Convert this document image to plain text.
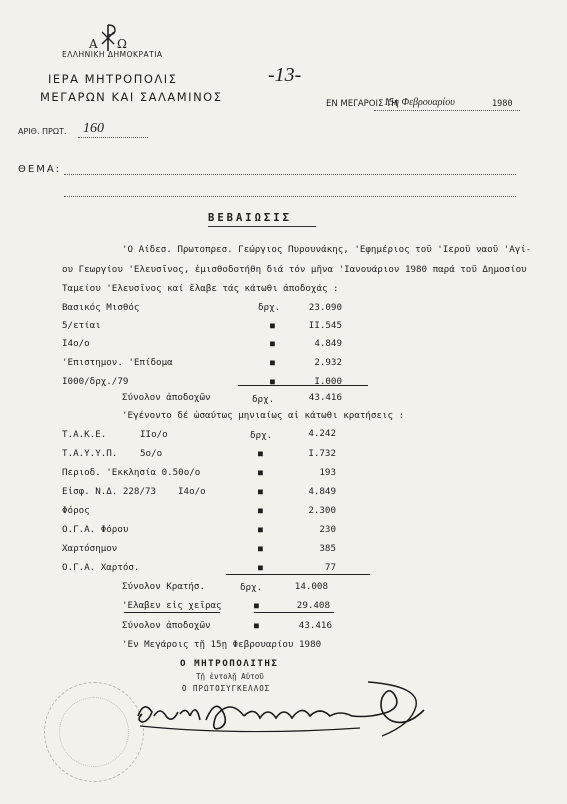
Α Ω
ΕΛΛΗΝΙΚΗ ΔΗΜΟΚΡΑΤΙΑ
ΙΕΡΑ ΜΗΤΡΟΠΟΛΙΣ
ΜΕΓΑΡΩΝ ΚΑΙ ΣΑΛΑΜΙΝΟΣ
-13-
ΕΝ ΜΕΓΑΡΟΙΣ ΤΗ
15η Φεβρουαρίου	1980
ΑΡΙΘ. ΠΡΩΤ. 160
ΘΕΜΑ:
ΒΕΒΑΙΩΣΙΣ
'Ο Αίδεσ. Πρωτοπρεσ. Γεώργιος Πυρουνάκης, 'Εφημέριος τοῦ 'Ιεροῦ ναοῦ 'Αγί-
ου Γεωργίου 'Ελευσῖνος, ἐμισθοδοτήθη διά τόν μῆνα 'Ιανουάριον 1980 παρά τοῦ Δημοσίου
Ταμείου 'Ελευσῖνος καί ἔλαβε τάς κάτωθι ἀποδοχάς :
Βασικός Μισθός	δρχ.	23.090
5/ετίαι	■	II.545
I4o/o	■	4.849
'Επιστημον. 'Επίδομα	■	2.932
I000/δρχ./79	■	I.000
Σύνολον ἀποδοχῶν	δρχ.	43.416
'Εγένοντο δέ ὡσαύτως μηνιαίως αἱ κάτωθι κρατήσεις :
Τ.Α.Κ.Ε.	IIo/o	δρχ.	4.242
Τ.Α.Υ.Υ.Π. 5o/o	■	I.732
Περιοδ. 'Εκκλησία 0.50o/o	■	193
Εἰσφ. Ν.Δ. 228/73 I4o/o	■	4.849
Φόρος	■	2.300
Ο.Γ.Α. Φόρου	■	230
Χαρτόσημον	■	385
Ο.Γ.Α. Χαρτόσ.	■	77
Σύνολον Κρατήσ.	δρχ.	14.008
'Ελαβεν εἰς χεῖρας	■	29.408
Σύνολον ἀποδοχῶν	■	43.416
'Εν Μεγάροις τῇ 15ῃ Φεβρουαρίου 1980
Ο ΜΗΤΡΟΠΟΛΙΤΗΣ
Τῇ ἐντολῇ Αὐτοῦ
Ο ΠΡΩΤΟΣΥΓΚΕΛΛΟΣ
